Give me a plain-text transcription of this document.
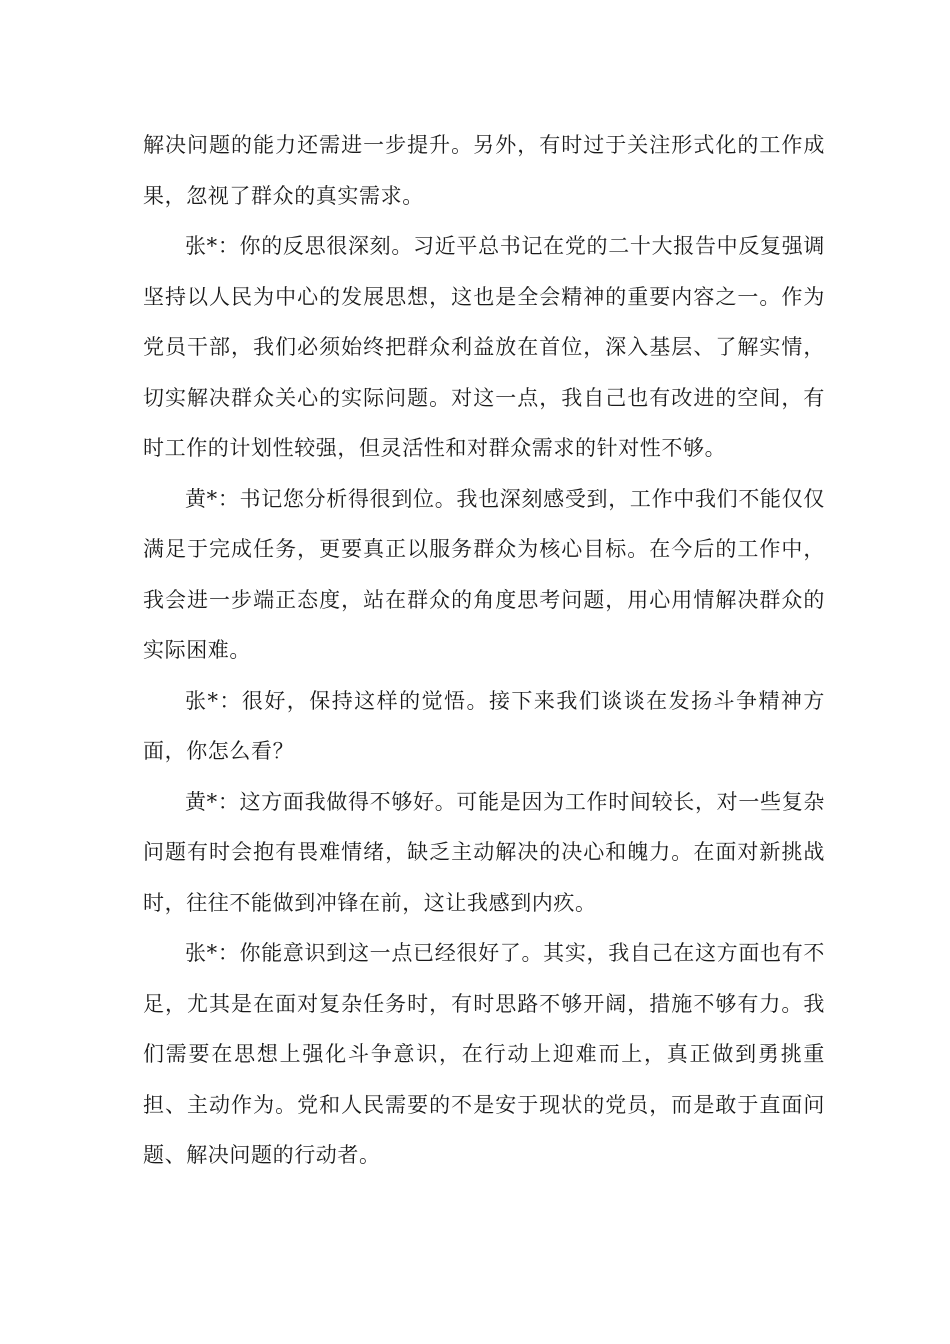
解决问题的能力还需进一步提升。另外，有时过于关注形式化的工作成果，忽视了群众的真实需求。

张*：你的反思很深刻。习近平总书记在党的二十大报告中反复强调坚持以人民为中心的发展思想，这也是全会精神的重要内容之一。作为党员干部，我们必须始终把群众利益放在首位，深入基层、了解实情，切实解决群众关心的实际问题。对这一点，我自己也有改进的空间，有时工作的计划性较强，但灵活性和对群众需求的针对性不够。

黄*：书记您分析得很到位。我也深刻感受到，工作中我们不能仅仅满足于完成任务，更要真正以服务群众为核心目标。在今后的工作中，我会进一步端正态度，站在群众的角度思考问题，用心用情解决群众的实际困难。

张*：很好，保持这样的觉悟。接下来我们谈谈在发扬斗争精神方面，你怎么看？

黄*：这方面我做得不够好。可能是因为工作时间较长，对一些复杂问题有时会抱有畏难情绪，缺乏主动解决的决心和魄力。在面对新挑战时，往往不能做到冲锋在前，这让我感到内疚。

张*：你能意识到这一点已经很好了。其实，我自己在这方面也有不足，尤其是在面对复杂任务时，有时思路不够开阔，措施不够有力。我们需要在思想上强化斗争意识，在行动上迎难而上，真正做到勇挑重担、主动作为。党和人民需要的不是安于现状的党员，而是敢于直面问题、解决问题的行动者。
